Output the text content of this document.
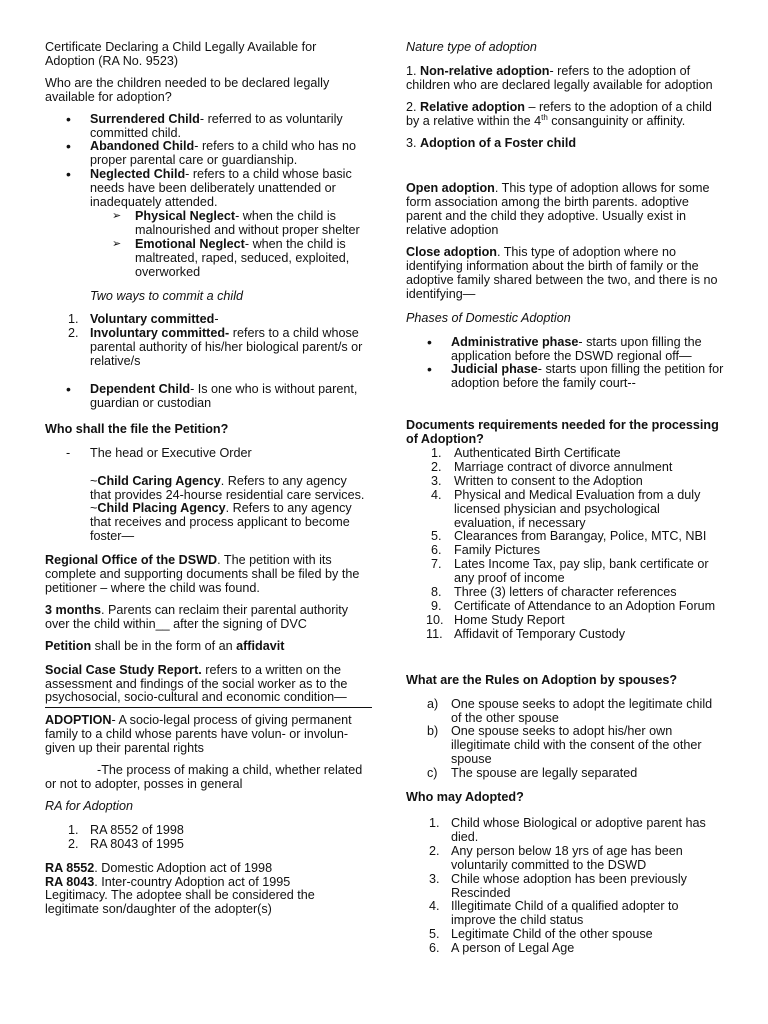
Certificate Declaring a Child Legally Available for Adoption (RA No. 9523)

Who are the children needed to be declared legally available for adoption?

• Surrendered Child- referred to as voluntarily committed child.
• Abandoned Child- refers to a child who has no proper parental care or guardianship.
• Neglected Child- refers to a child whose basic needs have been deliberately unattended or inadequately attended.
➢ Physical Neglect- when the child is malnourished and without proper shelter
➢ Emotional Neglect- when the child is maltreated, raped, seduced, exploited, overworked

Two ways to commit a child

1. Voluntary committed-
2. Involuntary committed- refers to a child whose parental authority of his/her biological parent/s or relative/s
• Dependent Child- Is one who is without parent, guardian or custodian

Who shall the file the Petition?

- The head or Executive Order

~Child Caring Agency. Refers to any agency that provides 24-hourse residential care services.

~Child Placing Agency. Refers to any agency that receives and process applicant to become foster—

Regional Office of the DSWD. The petition with its complete and supporting documents shall be filed by the petitioner – where the child was found.

3 months. Parents can reclaim their parental authority over the child within__ after the signing of DVC

Petition shall be in the form of an affidavit

Social Case Study Report. refers to a written on the assessment and findings of the social worker as to the psychosocial, socio-cultural and economic condition—

ADOPTION- A socio-legal process of giving permanent family to a child whose parents have volun- or involun- given up their parental rights

-The process of making a child, whether related or not to adopter, posses in general

RA for Adoption

1. RA 8552 of 1998
2. RA 8043 of 1995

RA 8552. Domestic Adoption act of 1998

RA 8043. Inter-country Adoption act of 1995

Legitimacy. The adoptee shall be considered the legitimate son/daughter of the adopter(s)

Nature type of adoption

1. Non-relative adoption- refers to the adoption of children who are declared legally available for adoption

2. Relative adoption – refers to the adoption of a child by a relative within the 4th consanguinity or affinity.

3. Adoption of a Foster child

Open adoption. This type of adoption allows for some form association among the birth parents. adoptive parent and the child they adoptive. Usually exist in relative adoption

Close adoption. This type of adoption where no identifying information about the birth of family or the adoptive family shared between the two, and there is no identifying—

Phases of Domestic Adoption

• Administrative phase- starts upon filling the application before the DSWD regional off—
• Judicial phase- starts upon filling the petition for adoption before the family court--

Documents requirements needed for the processing of Adoption?

1. Authenticated Birth Certificate
2. Marriage contract of divorce annulment
3. Written to consent to the Adoption
4. Physical and Medical Evaluation from a duly licensed physician and psychological evaluation, if necessary
5. Clearances from Barangay, Police, MTC, NBI
6. Family Pictures
7. Lates Income Tax, pay slip, bank certificate or any proof of income
8. Three (3) letters of character references
9. Certificate of Attendance to an Adoption Forum
10. Home Study Report
11. Affidavit of Temporary Custody

What are the Rules on Adoption by spouses?

a) One spouse seeks to adopt the legitimate child of the other spouse
b) One spouse seeks to adopt his/her own illegitimate child with the consent of the other spouse
c) The spouse are legally separated

Who may Adopted?

1. Child whose Biological or adoptive parent has died.
2. Any person below 18 yrs of age has been voluntarily committed to the DSWD
3. Chile whose adoption has been previously Rescinded
4. Illegitimate Child of a qualified adopter to improve the child status
5. Legitimate Child of the other spouse
6. A person of Legal Age
